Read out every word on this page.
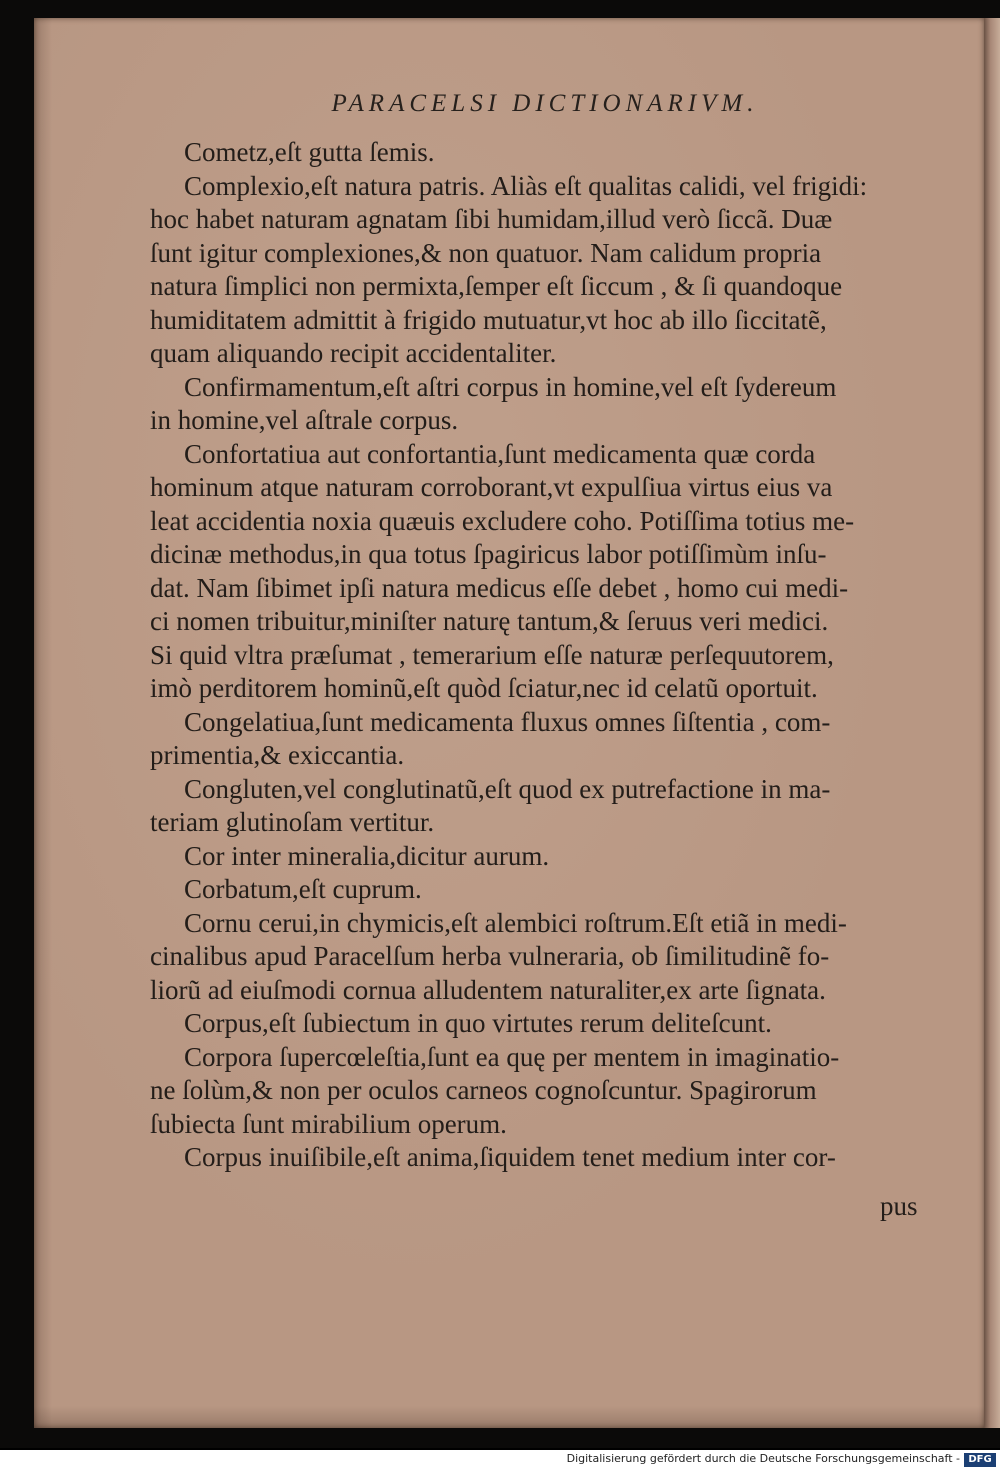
PARACELSI DICTIONARIVM.
Cometz,eſt gutta ſemis.
Complexio,eſt natura patris. Aliàs eſt qualitas calidi, vel frigidi:
hoc habet naturam agnatam ſibi humidam,illud verò ſiccã. Duæ
ſunt igitur complexiones,& non quatuor. Nam calidum propria
natura ſimplici non permixta,ſemper eſt ſiccum , & ſi quandoque
humiditatem admittit à frigido mutuatur,vt hoc ab illo ſiccitatẽ,
quam aliquando recipit accidentaliter.
Confirmamentum,eſt aſtri corpus in homine,vel eſt ſydereum
in homine,vel aſtrale corpus.
Confortatiua aut confortantia,ſunt medicamenta quæ corda
hominum atque naturam corroborant,vt expulſiua virtus eius va
leat accidentia noxia quæuis excludere coho. Potiſſima totius me-
dicinæ methodus,in qua totus ſpagiricus labor potiſſimùm inſu-
dat. Nam ſibimet ipſi natura medicus eſſe debet , homo cui medi-
ci nomen tribuitur,miniſter naturę tantum,& ſeruus veri medici.
Si quid vltra præſumat , temerarium eſſe naturæ perſequutorem,
imò perditorem hominũ,eſt quòd ſciatur,nec id celatũ oportuit.
Congelatiua,ſunt medicamenta fluxus omnes ſiſtentia , com-
primentia,& exiccantia.
Congluten,vel conglutinatũ,eſt quod ex putrefactione in ma-
teriam glutinoſam vertitur.
Cor inter mineralia,dicitur aurum.
Corbatum,eſt cuprum.
Cornu cerui,in chymicis,eſt alembici roſtrum.Eſt etiã in medi-
cinalibus apud Paracelſum herba vulneraria, ob ſimilitudinẽ fo-
liorũ ad eiuſmodi cornua alludentem naturaliter,ex arte ſignata.
Corpus,eſt ſubiectum in quo virtutes rerum deliteſcunt.
Corpora ſupercœleſtia,ſunt ea quę per mentem in imaginatio-
ne ſolùm,& non per oculos carneos cognoſcuntur. Spagirorum
ſubiecta ſunt mirabilium operum.
Corpus inuiſibile,eſt anima,ſiquidem tenet medium inter cor-
pus
Digitalisierung gefördert durch die Deutsche Forschungsgemeinschaft - DFG
